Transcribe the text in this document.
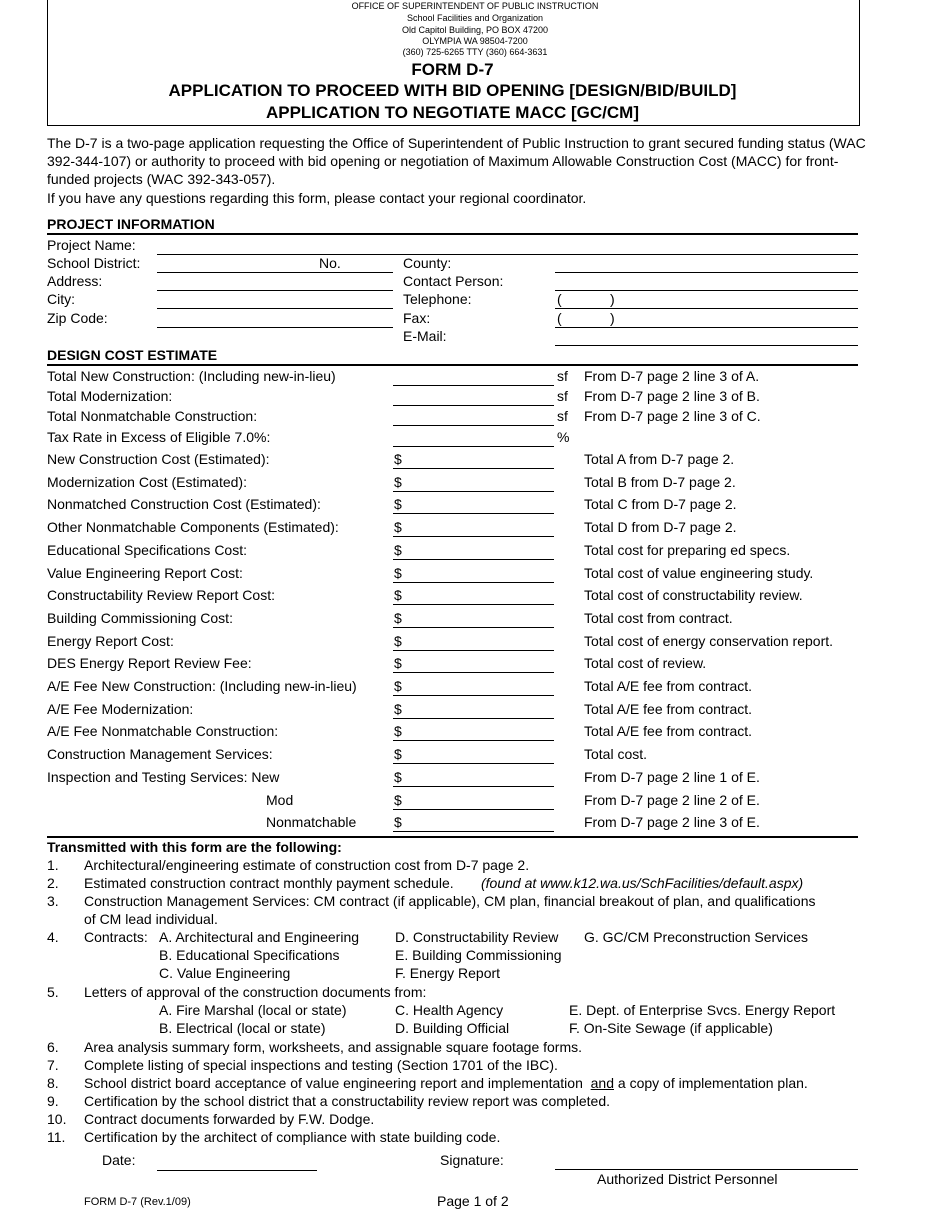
OFFICE OF SUPERINTENDENT OF PUBLIC INSTRUCTION
School Facilities and Organization
Old Capitol Building, PO BOX 47200
OLYMPIA WA 98504-7200
(360) 725-6265 TTY (360) 664-3631
FORM D-7
APPLICATION TO PROCEED WITH BID OPENING [DESIGN/BID/BUILD]
APPLICATION TO NEGOTIATE MACC [GC/CM]
The D-7 is a two-page application requesting the Office of Superintendent of Public Instruction to grant secured funding status (WAC 392-344-107) or authority to proceed with bid opening or negotiation of Maximum Allowable Construction Cost (MACC) for front-funded projects (WAC 392-343-057).
If you have any questions regarding this form, please contact your regional coordinator.
PROJECT INFORMATION
Project Name:
School District:	No.
Address:
City:
Zip Code:
County:
Contact Person:
Telephone:	(	)
Fax:	(	)
E-Mail:
DESIGN COST ESTIMATE
Total New Construction: (Including new-in-lieu)	sf From D-7 page 2 line 3 of A.
Total Modernization:	sf From D-7 page 2 line 3 of B.
Total Nonmatchable Construction:	sf From D-7 page 2 line 3 of C.
Tax Rate in Excess of Eligible 7.0%:	%
New Construction Cost (Estimated):	$	Total A from D-7 page 2.
Modernization Cost (Estimated):	$	Total B from D-7 page 2.
Nonmatched Construction Cost (Estimated):	$	Total C from D-7 page 2.
Other Nonmatchable Components (Estimated):	$	Total D from D-7 page 2.
Educational Specifications Cost:	$	Total cost for preparing ed specs.
Value Engineering Report Cost:	$	Total cost of value engineering study.
Constructability Review Report Cost:	$	Total cost of constructability review.
Building Commissioning Cost:	$	Total cost from contract.
Energy Report Cost:	$	Total cost of energy conservation report.
DES Energy Report Review Fee:	$	Total cost of review.
A/E Fee New Construction: (Including new-in-lieu)	$	Total A/E fee from contract.
A/E Fee Modernization:	$	Total A/E fee from contract.
A/E Fee Nonmatchable Construction:	$	Total A/E fee from contract.
Construction Management Services:	$	Total cost.
Inspection and Testing Services: New	$	From D-7 page 2 line 1 of E.
Mod	$	From D-7 page 2 line 2 of E.
Nonmatchable	$	From D-7 page 2 line 3 of E.
Transmitted with this form are the following:
1. Architectural/engineering estimate of construction cost from D-7 page 2.
2. Estimated construction contract monthly payment schedule. (found at www.k12.wa.us/SchFacilities/default.aspx)
3. Construction Management Services: CM contract (if applicable), CM plan, financial breakout of plan, and qualifications
of CM lead individual.
4. Contracts: A. Architectural and Engineering
B. Educational Specifications
C. Value Engineering
D. Constructability Review
E. Building Commissioning
F. Energy Report
G. GC/CM Preconstruction Services
5. Letters of approval of the construction documents from:
A. Fire Marshal (local or state)
B. Electrical (local or state)
C. Health Agency
D. Building Official
E. Dept. of Enterprise Svcs. Energy Report
F. On-Site Sewage (if applicable)
6. Area analysis summary form, worksheets, and assignable square footage forms.
7. Complete listing of special inspections and testing (Section 1701 of the IBC).
8. School district board acceptance of value engineering report and implementation and a copy of implementation plan.
9. Certification by the school district that a constructability review report was completed.
10. Contract documents forwarded by F.W. Dodge.
11. Certification by the architect of compliance with state building code.
Date:	Signature:
Authorized District Personnel
FORM D-7 (Rev.1/09)	Page 1 of 2
